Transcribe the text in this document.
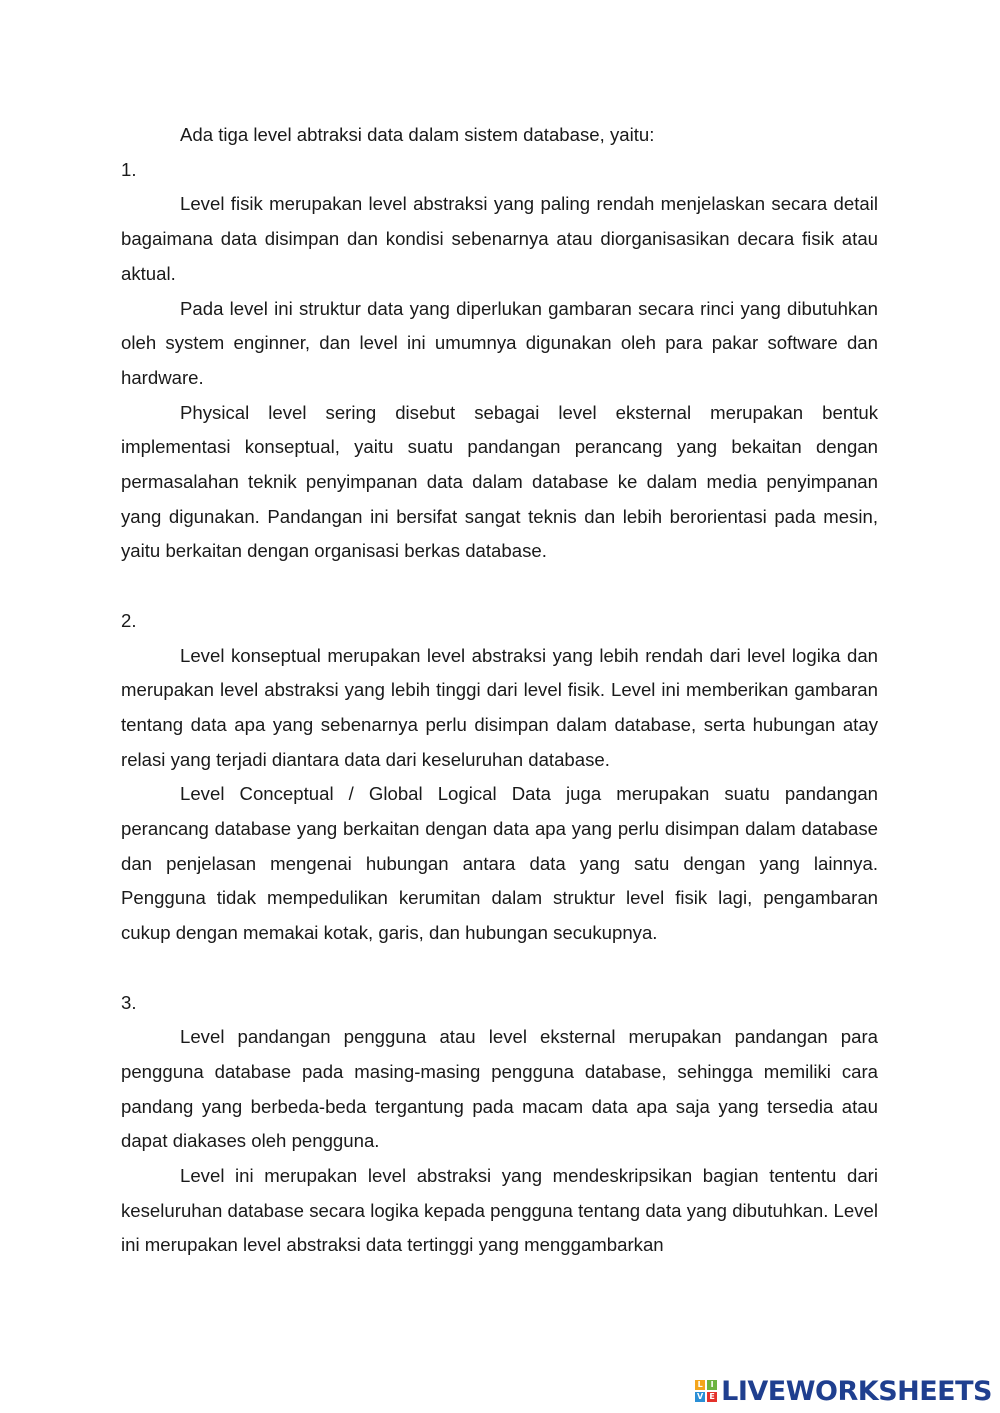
Ada tiga level abtraksi data dalam sistem database, yaitu:

1.

Level fisik merupakan level abstraksi yang paling rendah menjelaskan secara detail bagaimana data disimpan dan kondisi sebenarnya atau diorganisasikan decara fisik atau aktual.

Pada level ini struktur data yang diperlukan gambaran secara rinci yang dibutuhkan oleh system enginner, dan level ini umumnya digunakan oleh para pakar software dan hardware.

Physical level sering disebut sebagai level eksternal merupakan bentuk implementasi konseptual, yaitu suatu pandangan perancang yang bekaitan dengan permasalahan teknik penyimpanan data dalam database ke dalam media penyimpanan yang digunakan. Pandangan ini bersifat sangat teknis dan lebih berorientasi pada mesin, yaitu berkaitan dengan organisasi berkas database.

2.

Level konseptual merupakan level abstraksi yang lebih rendah dari level logika dan merupakan level abstraksi yang lebih tinggi dari level fisik. Level ini memberikan gambaran tentang data apa yang sebenarnya perlu disimpan dalam database, serta hubungan atay relasi yang terjadi diantara data dari keseluruhan database.

Level Conceptual / Global Logical Data juga merupakan suatu pandangan perancang database yang berkaitan dengan data apa yang perlu disimpan dalam database dan penjelasan mengenai hubungan antara data yang satu dengan yang lainnya. Pengguna tidak mempedulikan kerumitan dalam struktur level fisik lagi, pengambaran cukup dengan memakai kotak, garis, dan hubungan secukupnya.

3.

Level pandangan pengguna atau level eksternal merupakan pandangan para pengguna database pada masing-masing pengguna database, sehingga memiliki cara pandang yang berbeda-beda tergantung pada macam data apa saja yang tersedia atau dapat diakases oleh pengguna.

Level ini merupakan level abstraksi yang mendeskripsikan bagian tententu dari keseluruhan database secara logika kepada pengguna tentang data yang dibutuhkan. Level ini merupakan level abstraksi data tertinggi yang menggambarkan

L I
V E LIVEWORKSHEETS
